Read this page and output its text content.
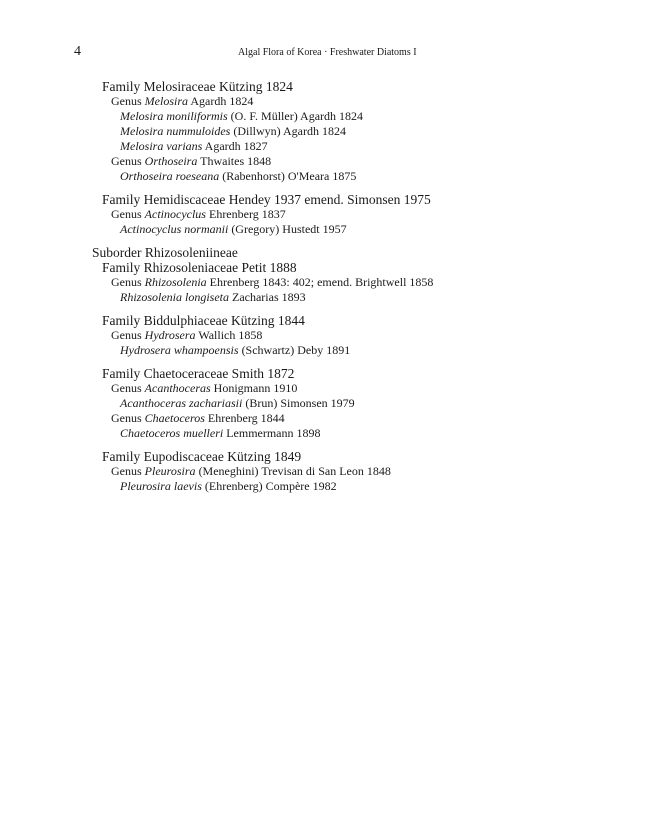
4	Algal Flora of Korea · Freshwater Diatoms I
Family Melosiraceae Kützing 1824
Genus Melosira Agardh 1824
Melosira moniliformis (O. F. Müller) Agardh 1824
Melosira nummuloides (Dillwyn) Agardh 1824
Melosira varians Agardh 1827
Genus Orthoseira Thwaites 1848
Orthoseira roeseana (Rabenhorst) O'Meara 1875
Family Hemidiscaceae Hendey 1937 emend. Simonsen 1975
Genus Actinocyclus Ehrenberg 1837
Actinocyclus normanii (Gregory) Hustedt 1957
Suborder Rhizosoleniineae
Family Rhizosoleniaceae Petit 1888
Genus Rhizosolenia Ehrenberg 1843: 402; emend. Brightwell 1858
Rhizosolenia longiseta Zacharias 1893
Family Biddulphiaceae Kützing 1844
Genus Hydrosera Wallich 1858
Hydrosera whampoensis (Schwartz) Deby 1891
Family Chaetoceraceae Smith 1872
Genus Acanthoceras Honigmann 1910
Acanthoceras zachariasii (Brun) Simonsen 1979
Genus Chaetoceros Ehrenberg 1844
Chaetoceros muelleri Lemmermann 1898
Family Eupodiscaceae Kützing 1849
Genus Pleurosira (Meneghini) Trevisan di San Leon 1848
Pleurosira laevis (Ehrenberg) Compère 1982
